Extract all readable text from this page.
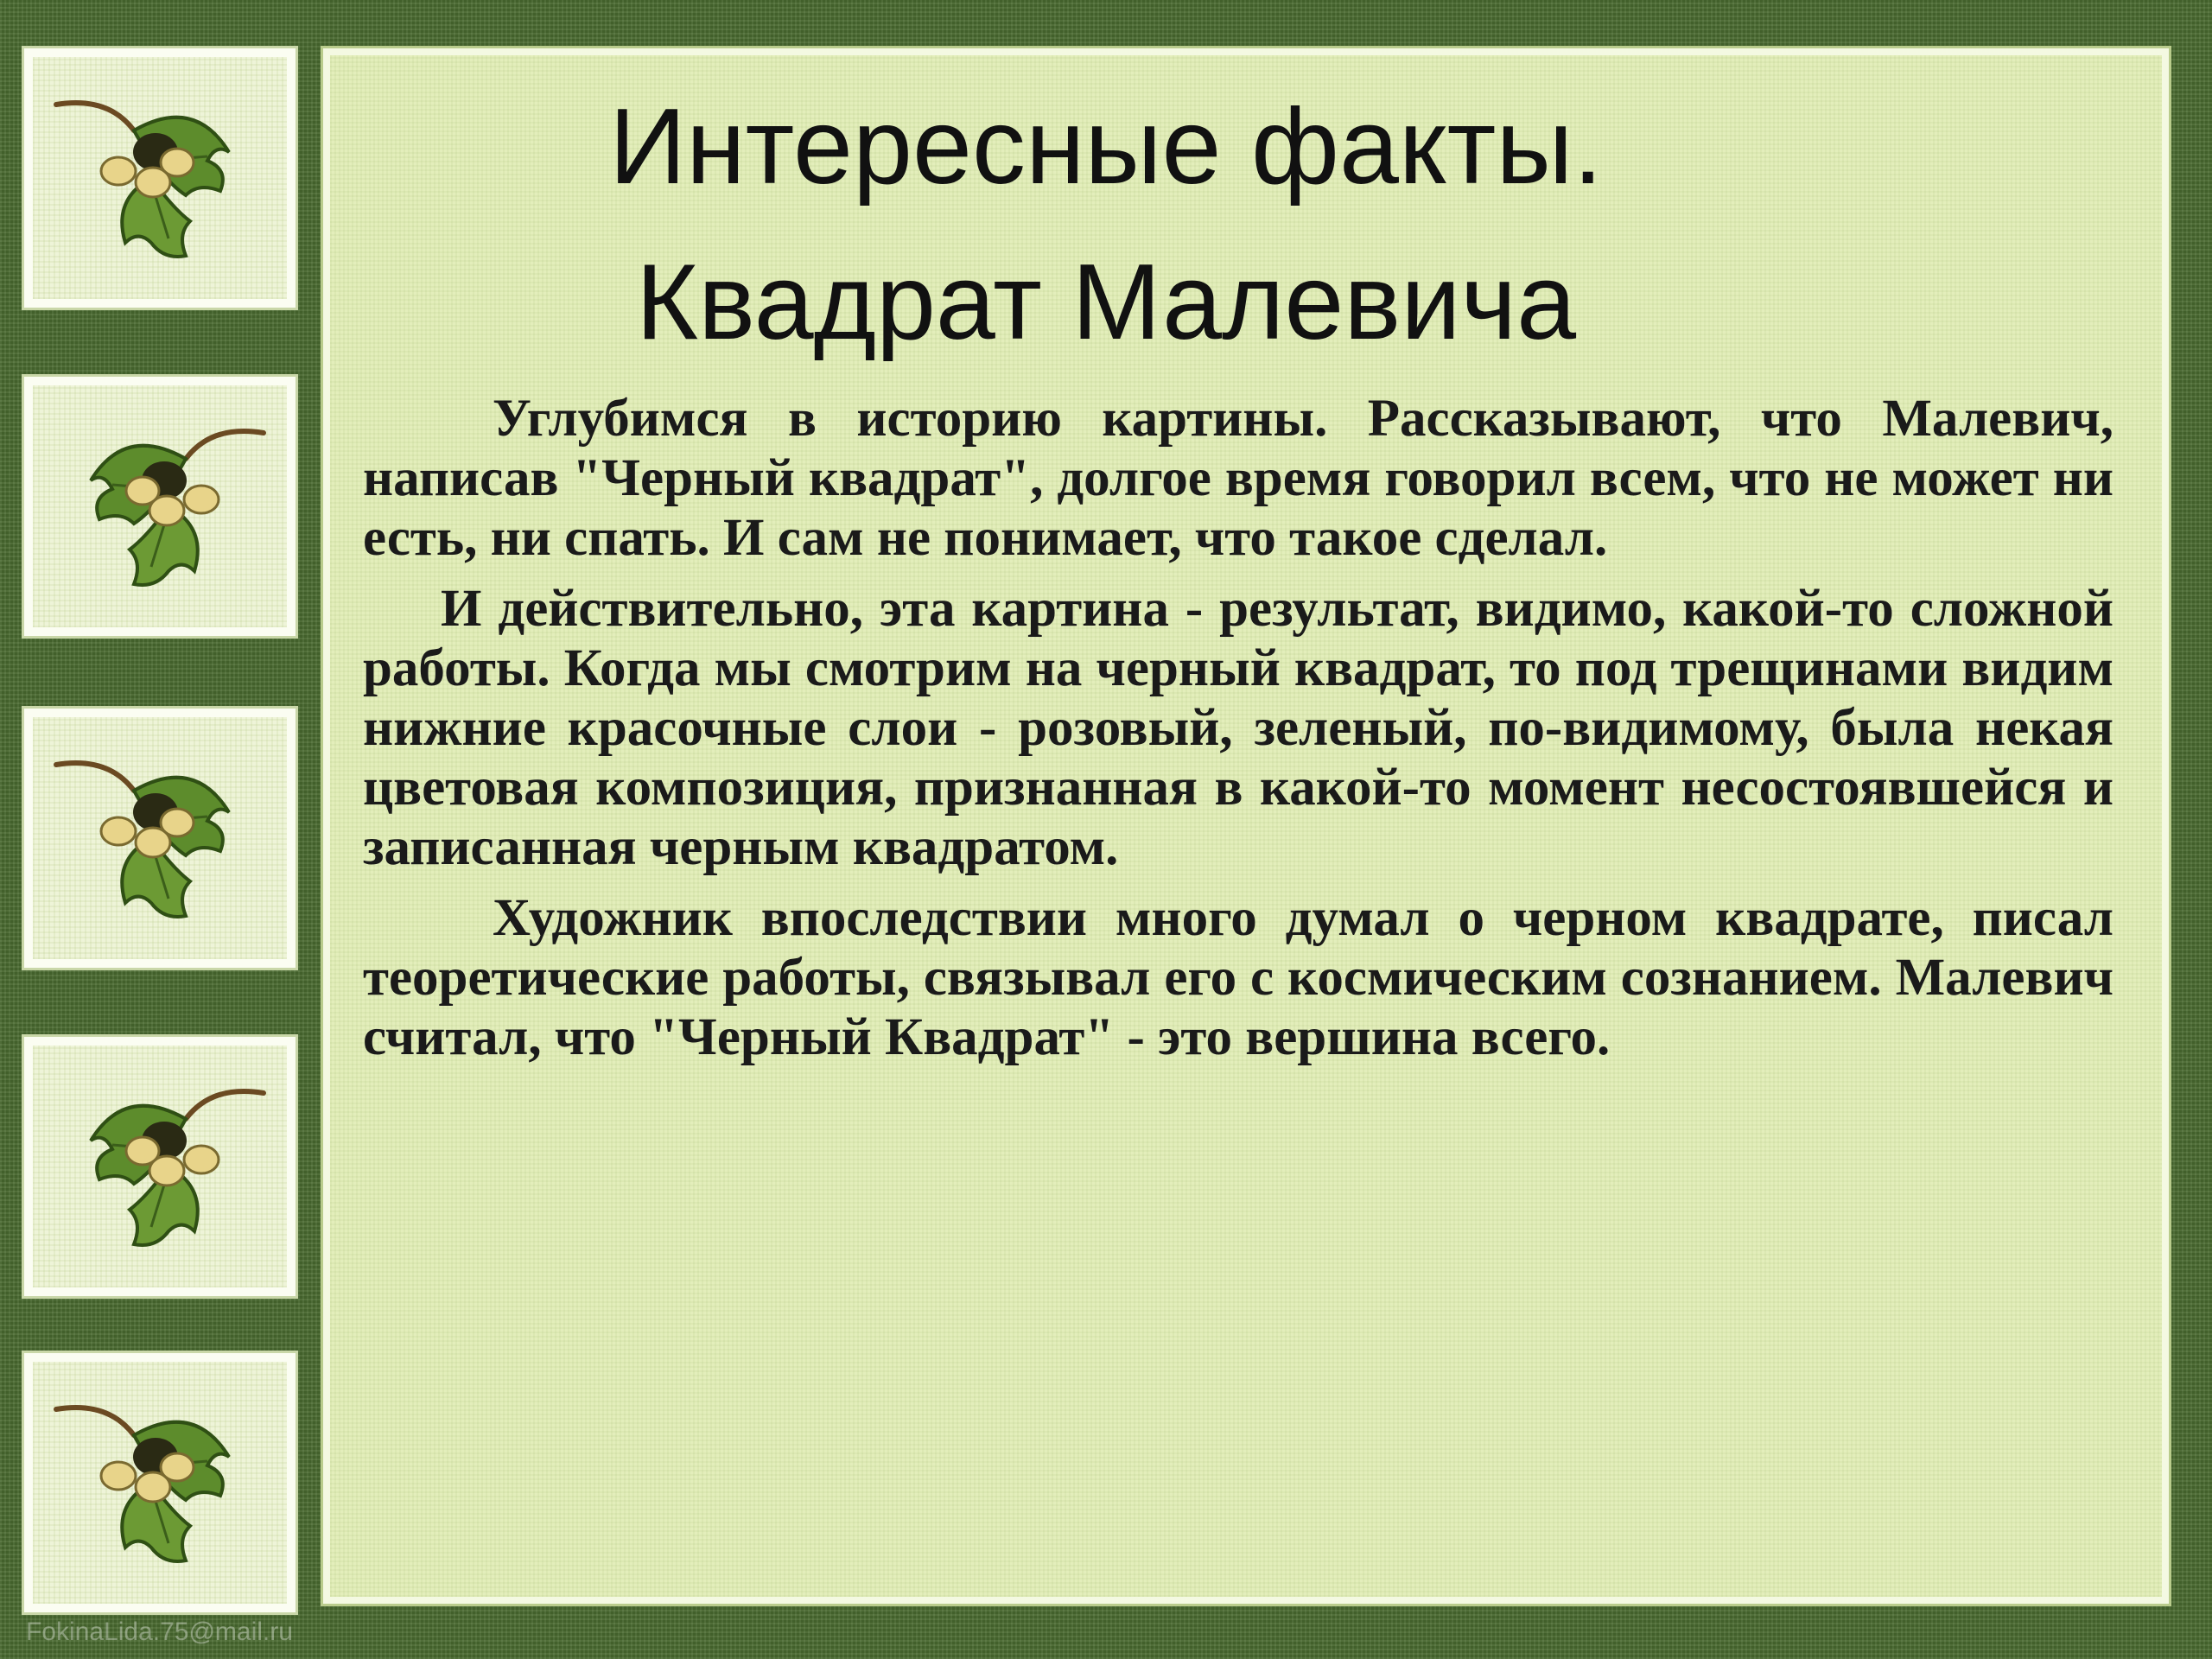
Интересные факты.
Квадрат Малевича

Углубимся в историю картины. Рассказывают, что Малевич, написав "Черный квадрат", долгое время говорил всем, что не может ни есть, ни спать. И сам не понимает, что такое сделал.

И действительно, эта картина - результат, видимо, какой-то сложной работы. Когда мы смотрим на черный квадрат, то под трещинами видим нижние красочные слои - розовый, зеленый, по-видимому, была некая цветовая композиция, признанная в какой-то момент несостоявшейся и записанная черным квадратом.

Художник впоследствии много думал о черном квадрате, писал теоретические работы, связывал его с космическим сознанием. Малевич считал, что "Черный Квадрат" - это вершина всего.

FokinaLida.75@mail.ru
